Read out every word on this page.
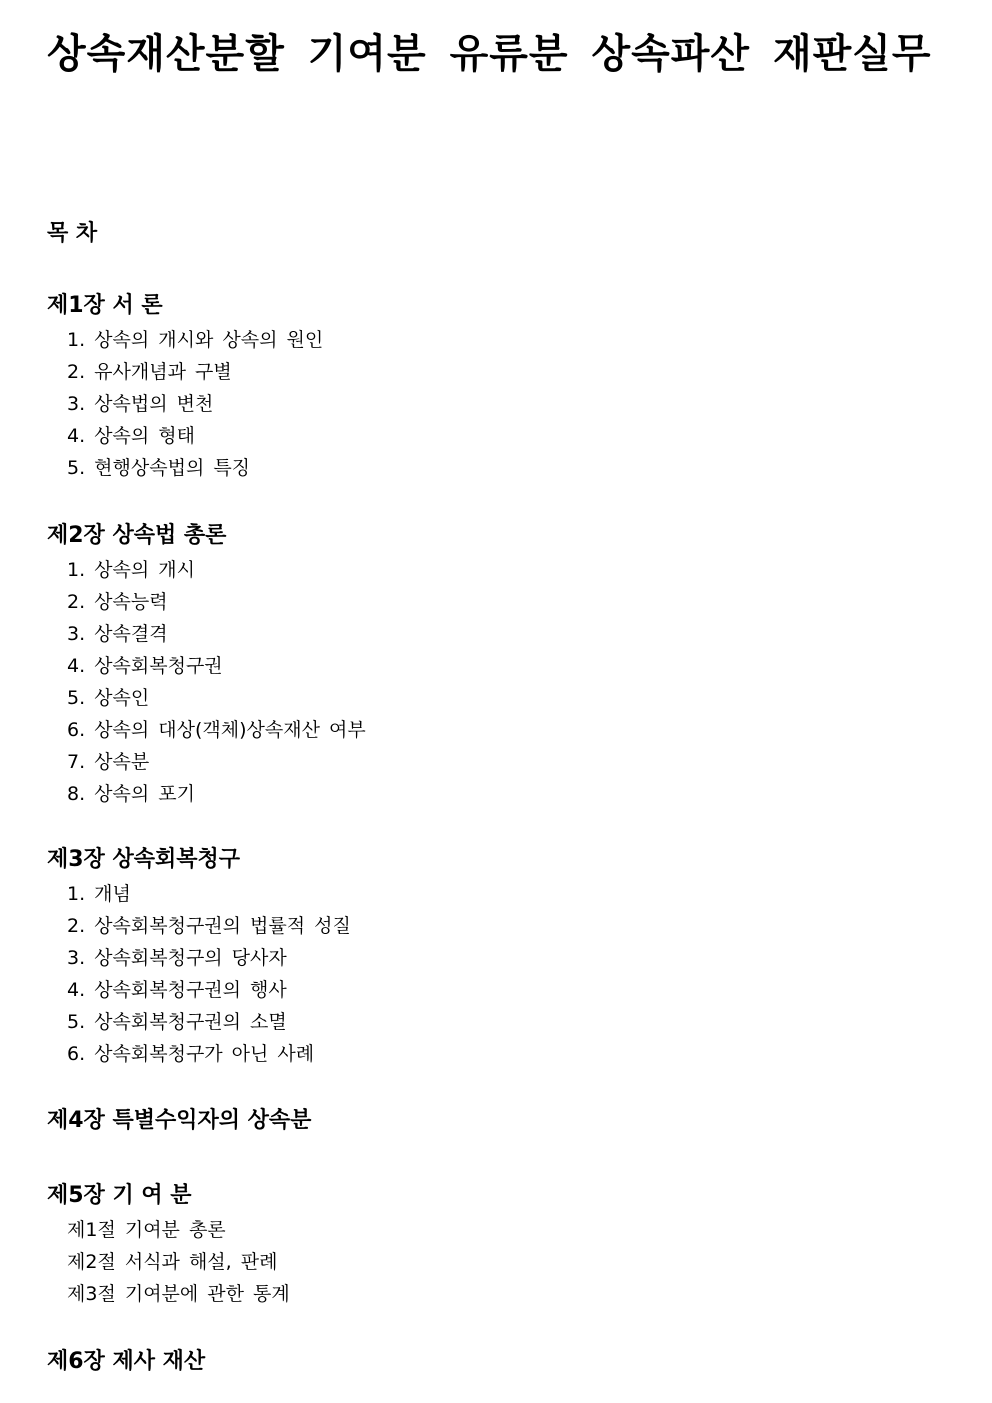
상속재산분할 기여분 유류분 상속파산 재판실무
목 차
제1장 서 론
1. 상속의 개시와 상속의 원인
2. 유사개념과 구별
3. 상속법의 변천
4. 상속의 형태
5. 현행상속법의 특징
제2장 상속법 총론
1. 상속의 개시
2. 상속능력
3. 상속결격
4. 상속회복청구권
5. 상속인
6. 상속의 대상(객체)상속재산 여부
7. 상속분
8. 상속의 포기
제3장 상속회복청구
1. 개념
2. 상속회복청구권의 법률적 성질
3. 상속회복청구의 당사자
4. 상속회복청구권의 행사
5. 상속회복청구권의 소멸
6. 상속회복청구가 아닌 사례
제4장 특별수익자의 상속분
제5장 기 여 분
제1절 기여분 총론
제2절 서식과 해설, 판례
제3절 기여분에 관한 통계
제6장 제사 재산
